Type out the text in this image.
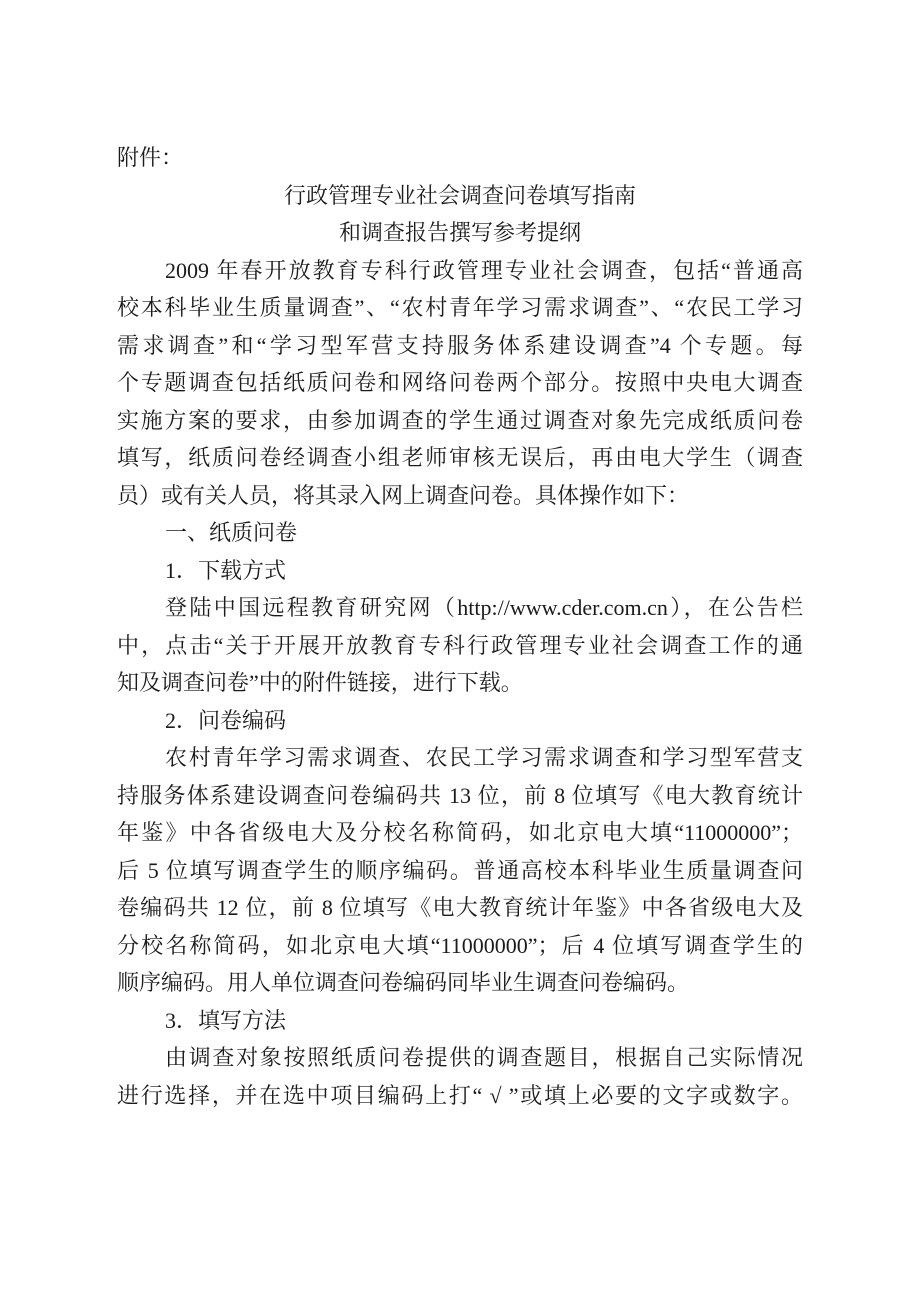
附件：
行政管理专业社会调查问卷填写指南
和调查报告撰写参考提纲
2009 年春开放教育专科行政管理专业社会调查，包括“普通高
校本科毕业生质量调查”、“农村青年学习需求调查”、“农民工学习
需求调查”和“学习型军营支持服务体系建设调查”4 个专题。每
个专题调查包括纸质问卷和网络问卷两个部分。按照中央电大调查
实施方案的要求，由参加调查的学生通过调查对象先完成纸质问卷
填写，纸质问卷经调查小组老师审核无误后，再由电大学生（调查
员）或有关人员，将其录入网上调查问卷。具体操作如下：
一、纸质问卷
1．下载方式
登陆中国远程教育研究网（http://www.cder.com.cn），在公告栏
中，点击“关于开展开放教育专科行政管理专业社会调查工作的通
知及调查问卷”中的附件链接，进行下载。
2．问卷编码
农村青年学习需求调查、农民工学习需求调查和学习型军营支
持服务体系建设调查问卷编码共 13 位，前 8 位填写《电大教育统计
年鉴》中各省级电大及分校名称简码，如北京电大填“11000000”；
后 5 位填写调查学生的顺序编码。普通高校本科毕业生质量调查问
卷编码共 12 位，前 8 位填写《电大教育统计年鉴》中各省级电大及
分校名称简码，如北京电大填“11000000”；后 4 位填写调查学生的
顺序编码。用人单位调查问卷编码同毕业生调查问卷编码。
3．填写方法
由调查对象按照纸质问卷提供的调查题目，根据自己实际情况
进行选择，并在选中项目编码上打“ √ ”或填上必要的文字或数字。
